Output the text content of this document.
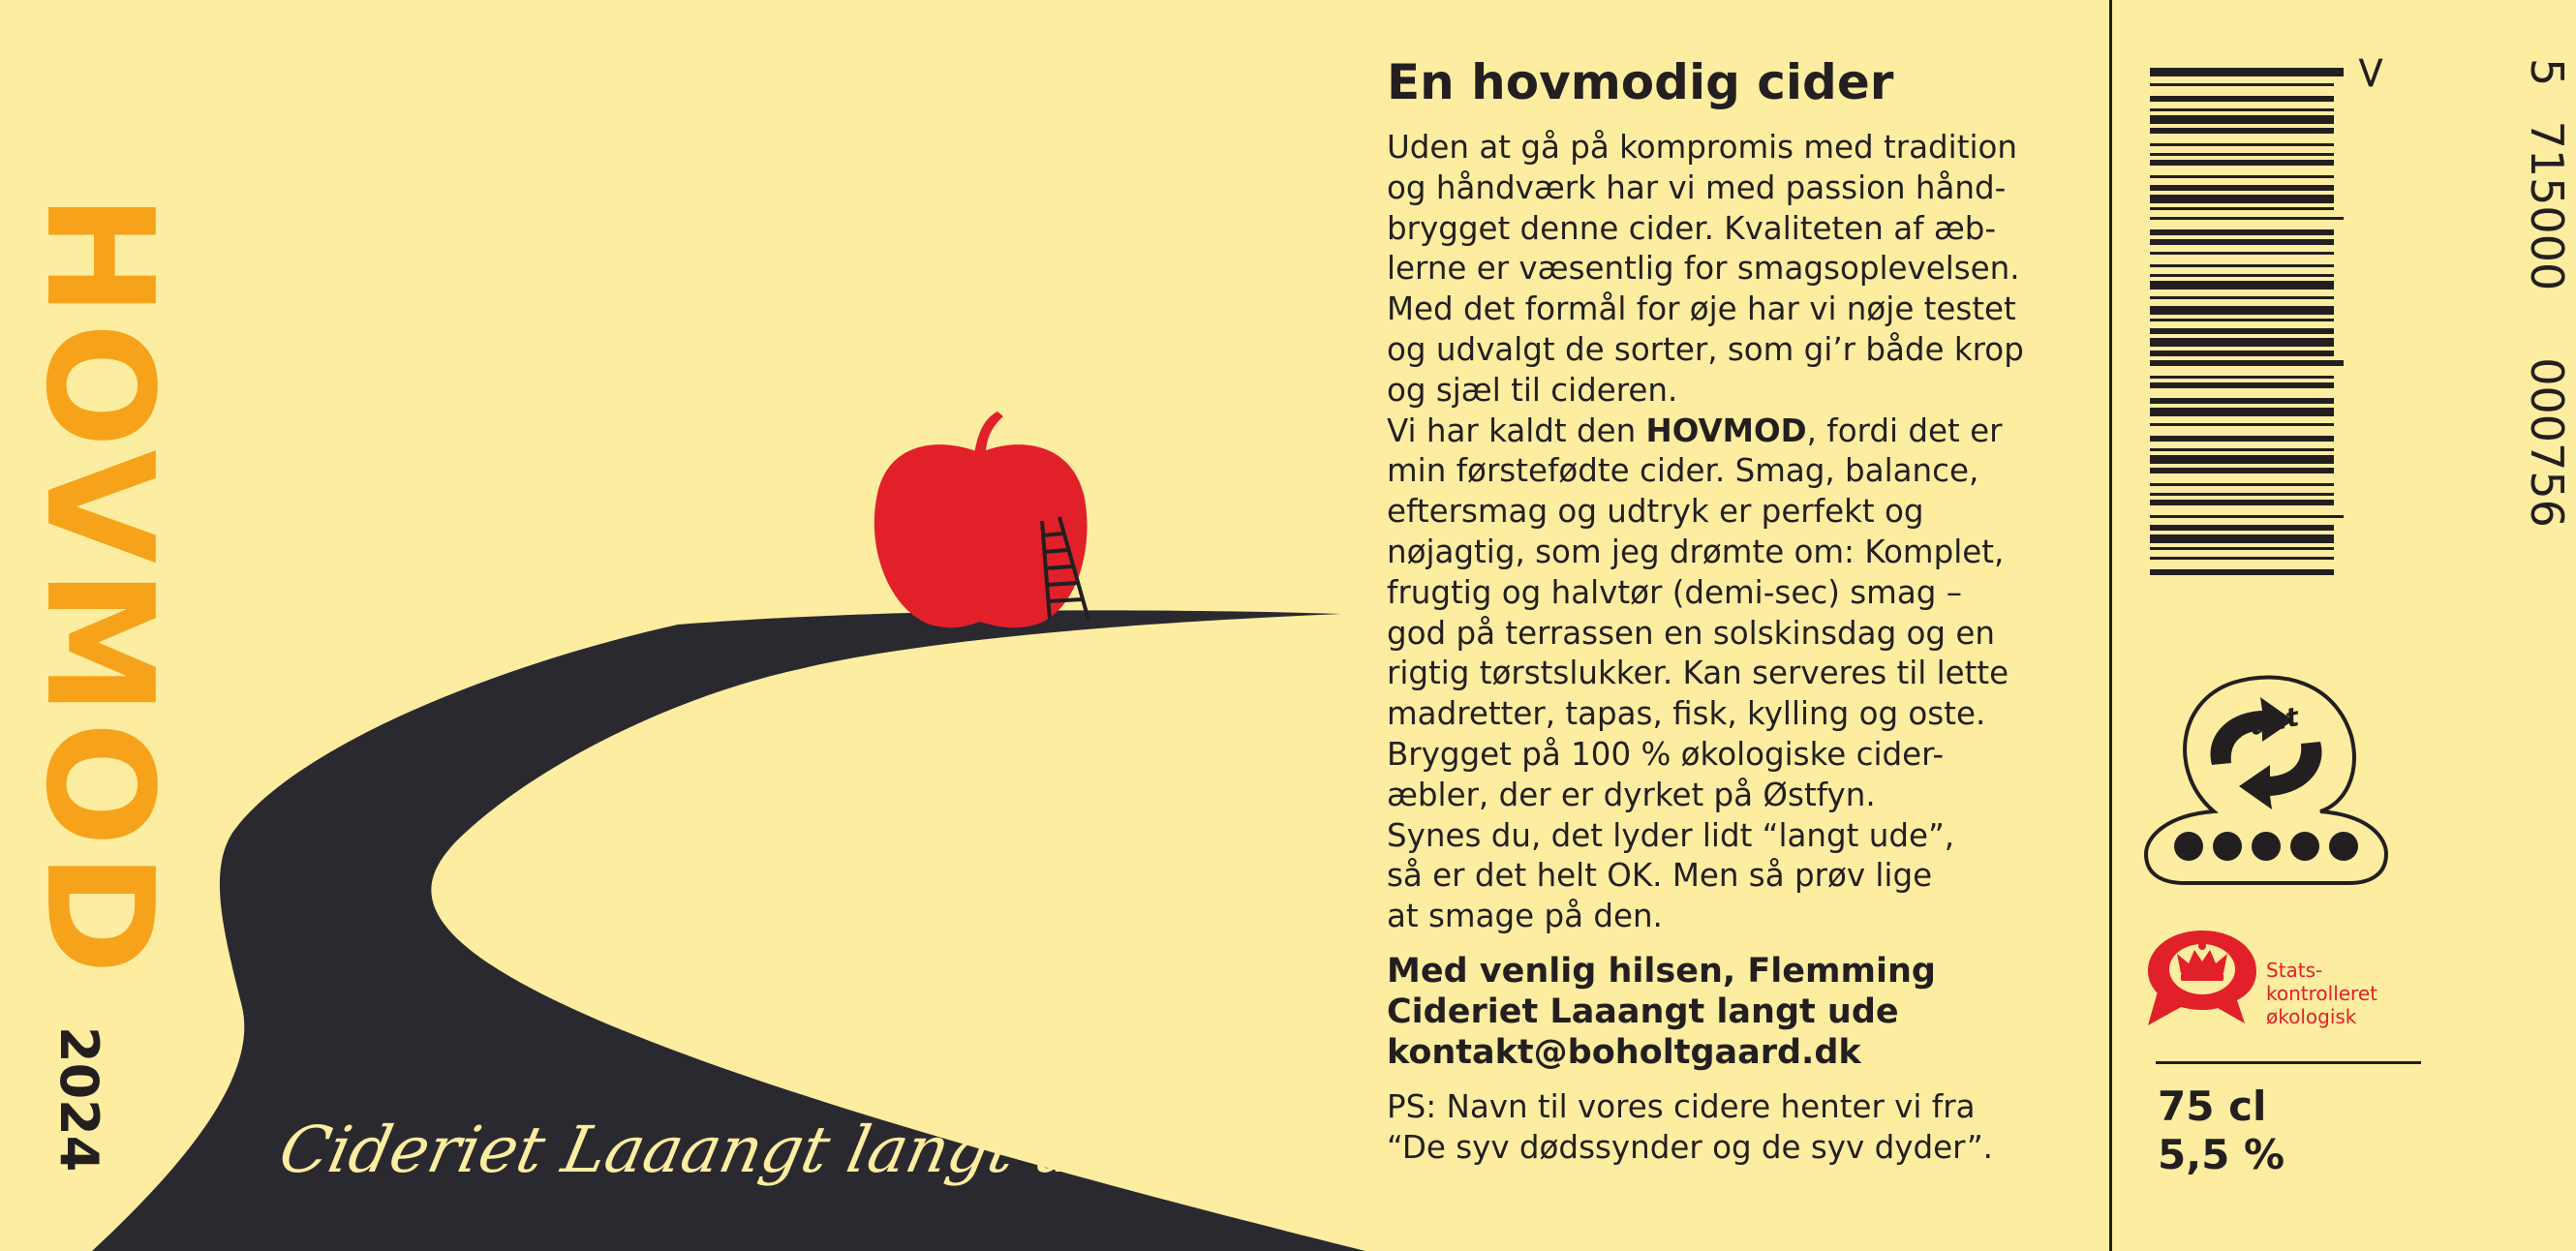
HOVMOD
2024	Cideriet Laaangt langt ude
En hovmodig cider
Uden at gå på kompromis med tradition
og håndværk har vi med passion hånd-
brygget denne cider. Kvaliteten af æb-
lerne er væsentlig for smagsoplevelsen.
Med det formål for øje har vi nøje testet
og udvalgt de sorter, som gi’r både krop
og sjæl til cideren.
Vi har kaldt den HOVMOD, fordi det er
min førstefødte cider. Smag, balance,
eftersmag og udtryk er perfekt og
nøjagtig, som jeg drømte om: Komplet,
frugtig og halvtør (demi-sec) smag –
god på terrassen en solskinsdag og en
rigtig tørstslukker. Kan serveres til lette
madretter, tapas, fisk, kylling og oste.
Brygget på 100 % økologiske cider-
æbler, der er dyrket på Østfyn.
Synes du, det lyder lidt “langt ude”,
så er det helt OK. Men så prøv lige
at smage på den.
Med venlig hilsen, Flemming
Cideriet Laaangt langt ude
kontakt@boholtgaard.dk
PS: Navn til vores cidere henter vi fra
“De syv dødssynder og de syv dyder”.
5 715000 000756
>
Pant
Stats-
kontrolleret
økologisk
75 cl
5,5 %
